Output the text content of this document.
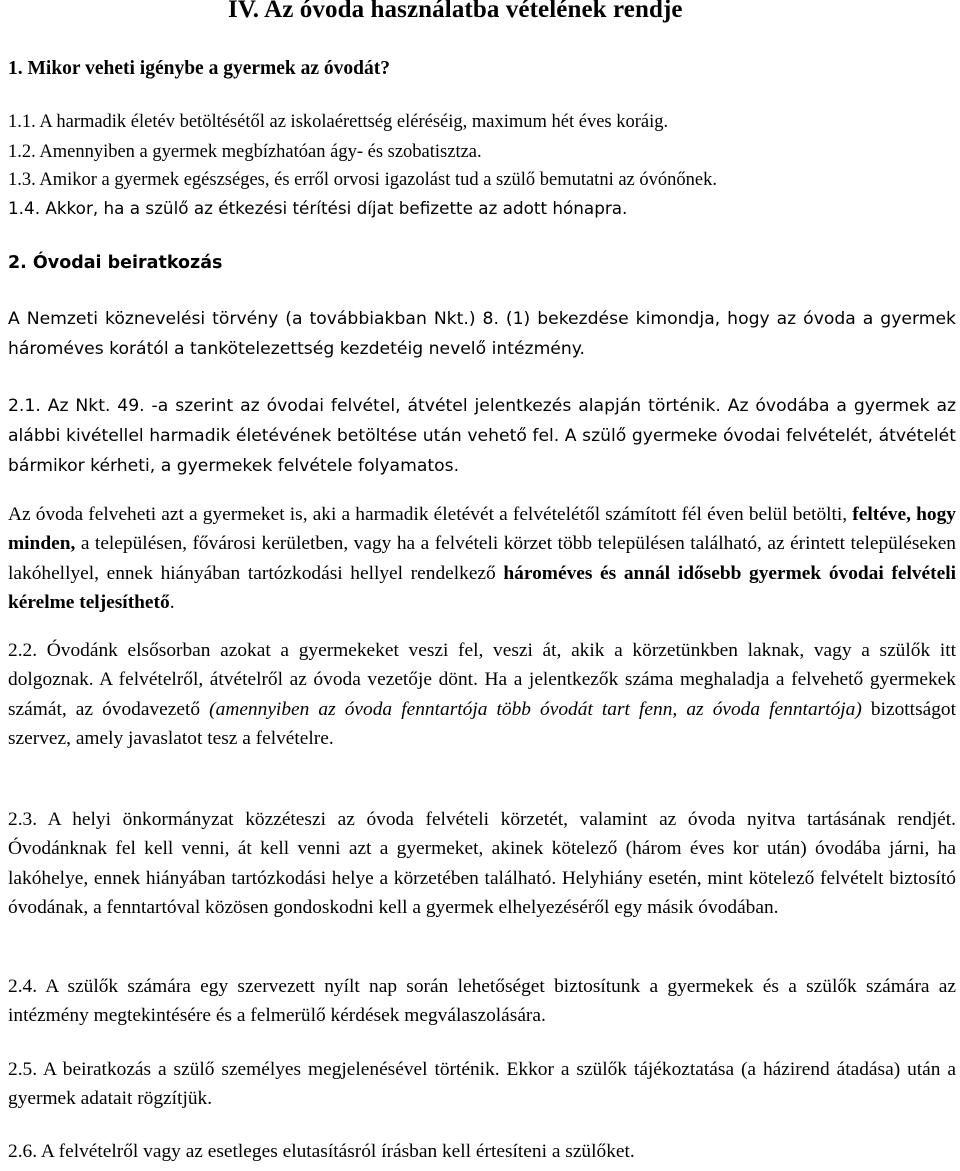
IV. Az óvoda használatba vételének rendje
1. Mikor veheti igénybe a gyermek az óvodát?
1.1. A harmadik életév betöltésétől az iskolaérettség eléréséig, maximum hét éves koráig.
1.2. Amennyiben a gyermek megbízhatóan ágy- és szobatisztza.
1.3. Amikor a gyermek egészséges, és erről orvosi igazolást tud a szülő bemutatni az óvónőnek.
1.4. Akkor, ha a szülő az étkezési térítési díjat befizette az adott hónapra.
2. Óvodai beiratkozás

A Nemzeti köznevelési törvény (a továbbiakban Nkt.) 8. (1) bekezdése kimondja, hogy az óvoda a gyermek hároméves korától a tankötelezettség kezdetéig nevelő intézmény.

2.1. Az Nkt. 49. -a szerint az óvodai felvétel, átvétel jelentkezés alapján történik. Az óvodába a gyermek az alábbi kivétellel harmadik életévének betöltése után vehető fel. A szülő gyermeke óvodai felvételét, átvételét bármikor kérheti, a gyermekek felvétele folyamatos.

Az óvoda felveheti azt a gyermeket is, aki a harmadik életévét a felvételétől számított fél éven belül betölti, feltéve, hogy minden, a településen, fővárosi kerületben, vagy ha a felvételi körzet több településen található, az érintett településeken lakóhellyel, ennek hiányában tartózkodási hellyel rendelkező hároméves és annál idősebb gyermek óvodai felvételi kérelme teljesíthető.

2.2. Óvodánk elsősorban azokat a gyermekeket veszi fel, veszi át, akik a körzetünkben laknak, vagy a szülők itt dolgoznak. A felvételről, átvételről az óvoda vezetője dönt. Ha a jelentkezők száma meghaladja a felvehető gyermekek számát, az óvodavezető (amennyiben az óvoda fenntartója több óvodát tart fenn, az óvoda fenntartója) bizottságot szervez, amely javaslatot tesz a felvételre.

2.3. A helyi önkormányzat közzéteszi az óvoda felvételi körzetét, valamint az óvoda nyitva tartásának rendjét. Óvodánknak fel kell venni, át kell venni azt a gyermeket, akinek kötelező (három éves kor után) óvodába járni, ha lakóhelye, ennek hiányában tartózkodási helye a körzetében található. Helyhiány esetén, mint kötelező felvételt biztosító óvodának, a fenntartóval közösen gondoskodni kell a gyermek elhelyezéséről egy másik óvodában.

2.4. A szülők számára egy szervezett nyílt nap során lehetőséget biztosítunk a gyermekek és a szülők számára az intézmény megtekintésére és a felmerülő kérdések megválaszolására.

2.5. A beiratkozás a szülő személyes megjelenésével történik. Ekkor a szülők tájékoztatása (a házirend átadása) után a gyermek adatait rögzítjük.

2.6. A felvételről vagy az esetleges elutasításról írásban kell értesíteni a szülőket.
